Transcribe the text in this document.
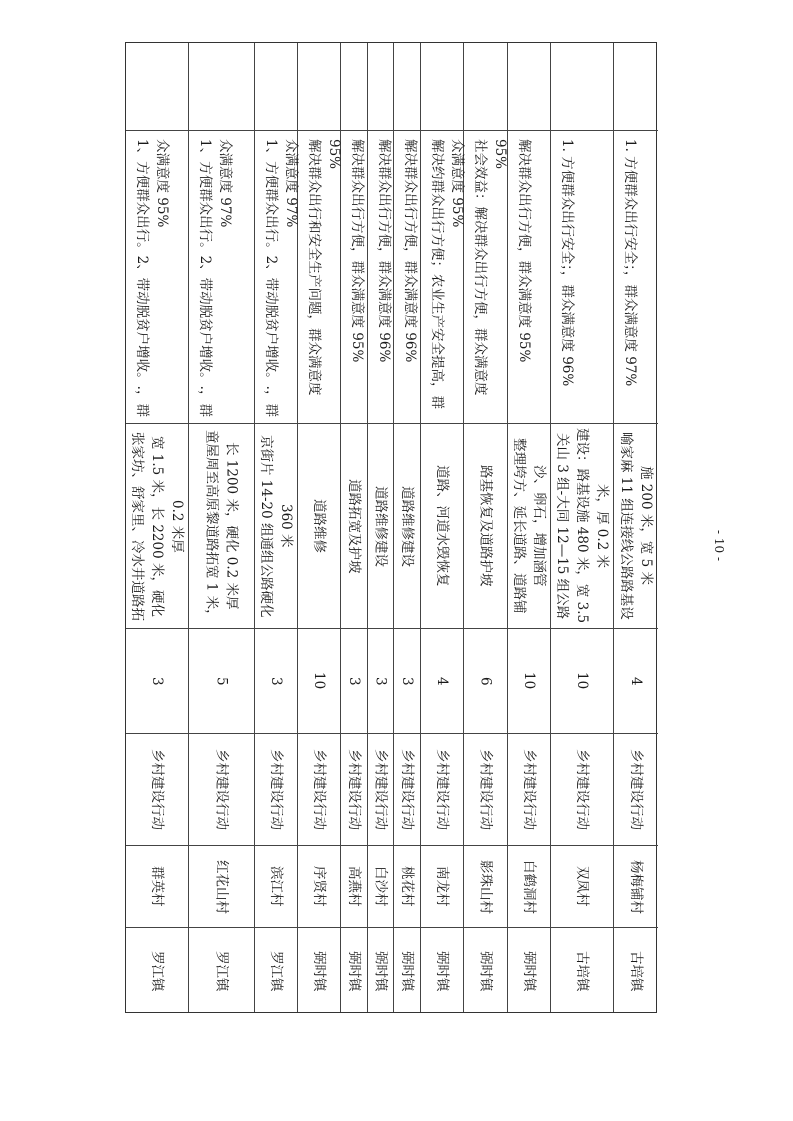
1、方便群众出行。2、带动脱贫户增收。.，群众满意度 95%
张家坊、舒家里、冷水井道路拓宽 1.5 米，长 2200 米，硬化 0.2 米厚
3
乡村建设行动
群英村
罗江镇
1、方便群众出行。2、带动脱贫户增收。.，群众满意度 97%
童屋周至高原黎道路拓宽 1 米，长 1200 米，硬化 0.2 米厚
5
乡村建设行动
红花山村
罗江镇
1、方便群众出行。2、带动脱贫户增收。.，群众满意度 97%
京街片 14-20 组通组公路硬化 360 米
3
乡村建设行动
滨江村
罗江镇
解决群众出行和安全生产问题，群众满意度 95%
道路维修
10
乡村建设行动
序贤村
弼时镇
解决群众出行方便，群众满意度 95%
道路拓宽及护坡
3
乡村建设行动
高燕村
弼时镇
解决群众出行方便，群众满意度 96%
道路维修建设
3
乡村建设行动
白沙村
弼时镇
解决群众出行方便，群众满意度 96%
道路维修建设
3
乡村建设行动
桃花村
弼时镇
解决约群众出行方便；农业生产安全提高，群众满意度 95%
道路、河道水毁恢复
4
乡村建设行动
南龙村
弼时镇
社会效益：解决群众出行方便，群众满意度 95%
路基恢复及道路护坡
6
乡村建设行动
影珠山村
弼时镇
解决群众出行方便，群众满意度 95%
整理垮方、延长道路、道路铺沙、卵石，增加涵管
10
乡村建设行动
白鹤洞村
弼时镇
1. 方便群众出行安全；，群众满意度 96%
关山 3 组-大同 12—15 组公路建设：路基设施 480 米，宽 3.5 米，厚 0.2 米
10
乡村建设行动
双凤村
古培镇
1. 方便群众出行安全；，群众满意度 97%
喻家麻 11 组连接线公路路基设施 200 米，宽 5 米
4
乡村建设行动
杨梅铺村
古培镇
- 10 -
